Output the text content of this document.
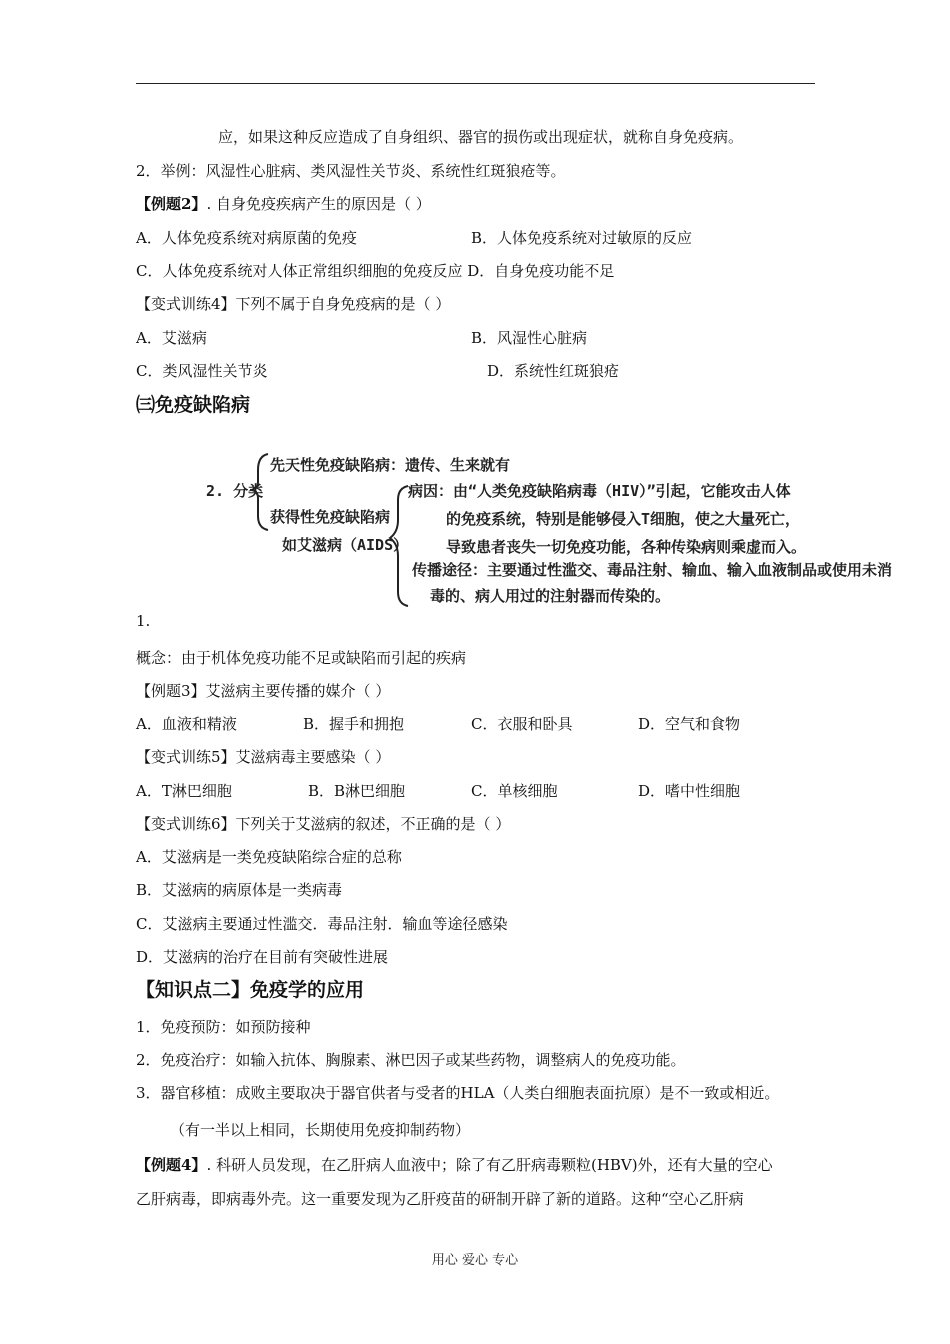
应，如果这种反应造成了自身组织、器官的损伤或出现症状，就称自身免疫病。
2．举例：风湿性心脏病、类风湿性关节炎、系统性红斑狼疮等。
【例题2】. 自身免疫疾病产生的原因是（ ）
A．人体免疫系统对病原菌的免疫	B．人体免疫系统对过敏原的反应
C．人体免疫系统对人体正常组织细胞的免疫反应 D．自身免疫功能不足
【变式训练4】下列不属于自身免疫病的是（ ）
A．艾滋病	B．风湿性心脏病
C．类风湿性关节炎	D．系统性红斑狼疮
㈢免疫缺陷病
2. 分类
先天性免疫缺陷病：遗传、生来就有
获得性免疫缺陷病
如艾滋病（AIDS）
病因：由“人类免疫缺陷病毒（HIV）”引起，它能攻击人体
的免疫系统，特别是能够侵入T细胞，使之大量死亡，
导致患者丧失一切免疫功能，各种传染病则乘虚而入。
传播途径：主要通过性滥交、毒品注射、输血、输入血液制品或使用未消
毒的、病人用过的注射器而传染的。
1.
概念：由于机体免疫功能不足或缺陷而引起的疾病
【例题3】艾滋病主要传播的媒介（ ）
A．血液和精液	B．握手和拥抱	C．衣服和卧具	D．空气和食物
【变式训练5】艾滋病毒主要感染（ ）
A．T淋巴细胞	B．B淋巴细胞	C．单核细胞	D．嗜中性细胞
【变式训练6】下列关于艾滋病的叙述，不正确的是（ ）
A．艾滋病是一类免疫缺陷综合症的总称
B．艾滋病的病原体是一类病毒
C．艾滋病主要通过性滥交．毒品注射．输血等途径感染
D．艾滋病的治疗在目前有突破性进展
【知识点二】免疫学的应用
1．免疫预防：如预防接种
2．免疫治疗：如输入抗体、胸腺素、淋巴因子或某些药物，调整病人的免疫功能。
3．器官移植：成败主要取决于器官供者与受者的HLA（人类白细胞表面抗原）是不一致或相近。
（有一半以上相同，长期使用免疫抑制药物）
【例题4】. 科研人员发现，在乙肝病人血液中；除了有乙肝病毒颗粒(HBV)外，还有大量的空心
乙肝病毒，即病毒外壳。这一重要发现为乙肝疫苗的研制开辟了新的道路。这种“空心乙肝病
用心 爱心 专心
